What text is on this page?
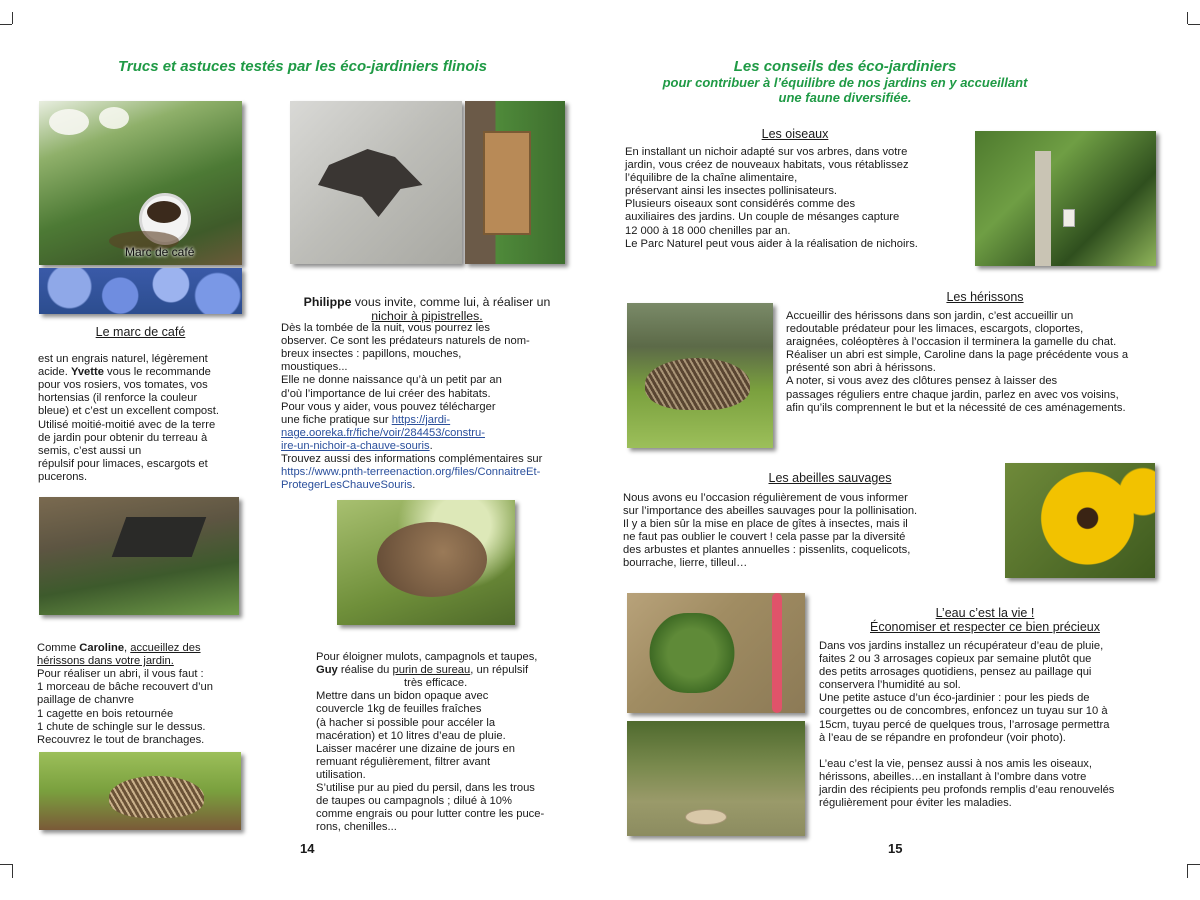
Trucs et astuces testés par les éco-jardiniers flinois
Marc de café
Le marc de café

est un engrais naturel, légèrement
acide. Yvette vous le recommande
pour vos rosiers, vos tomates, vos
hortensias (il renforce la couleur
bleue) et c’est un excellent compost.
Utilisé moitié-moitié avec de la terre
de jardin pour obtenir du terreau à
semis, c’est aussi un
répulsif pour limaces, escargots et
pucerons.

Philippe vous invite, comme lui, à réaliser un
nichoir à pipistrelles.

Dès la tombée de la nuit, vous pourrez les
observer. Ce sont les prédateurs naturels de nom-
breux insectes : papillons, mouches,
moustiques...
Elle ne donne naissance qu’à un petit par an
d’où l’importance de lui créer des habitats.
Pour vous y aider, vous pouvez télécharger
une fiche pratique sur https://jardi-
nage.ooreka.fr/fiche/voir/284453/constru-
ire-un-nichoir-a-chauve-souris.
Trouvez aussi des informations complémentaires sur
https://www.pnth-terreenaction.org/files/ConnaitreEt-
ProtegerLesChauveSouris.

Comme Caroline, accueillez des
hérissons dans votre jardin.
Pour réaliser un abri, il vous faut :
1 morceau de bâche recouvert d’un
paillage de chanvre
1 cagette en bois retournée
1 chute de schingle sur le dessus.
Recouvrez le tout de branchages.

Pour éloigner mulots, campagnols et taupes,
Guy réalise du purin de sureau, un répulsif
très efficace.
Mettre dans un bidon opaque avec
couvercle 1kg de feuilles fraîches
(à hacher si possible pour accéler la
macération) et 10 litres d’eau de pluie.
Laisser macérer une dizaine de jours en
remuant régulièrement, filtrer avant
utilisation.
S’utilise pur au pied du persil, dans les trous
de taupes ou campagnols ; dilué à 10%
comme engrais ou pour lutter contre les puce-
rons, chenilles...

14
Les conseils des éco-jardiniers
pour contribuer à l’équilibre de nos jardins en y accueillant
une faune diversifiée.
Les oiseaux
En installant un nichoir adapté sur vos arbres, dans votre
jardin, vous créez de nouveaux habitats, vous rétablissez
l’équilibre de la chaîne alimentaire,
préservant ainsi les insectes pollinisateurs.
Plusieurs oiseaux sont considérés comme des
auxiliaires des jardins. Un couple de mésanges capture
12 000 à 18 000 chenilles par an.
Le Parc Naturel peut vous aider à la réalisation de nichoirs.
Les hérissons
Accueillir des hérissons dans son jardin, c’est accueillir un
redoutable prédateur pour les limaces, escargots, cloportes,
araignées, coléoptères à l’occasion il terminera la gamelle du chat.
Réaliser un abri est simple, Caroline dans la page précédente vous a
présenté son abri à hérissons.
A noter, si vous avez des clôtures pensez à laisser des
passages réguliers entre chaque jardin, parlez en avec vos voisins,
afin qu’ils comprennent le but et la nécessité de ces aménagements.
Les abeilles sauvages
Nous avons eu l’occasion régulièrement de vous informer
sur l’importance des abeilles sauvages pour la pollinisation.
Il y a bien sûr la mise en place de gîtes à insectes, mais il
ne faut pas oublier le couvert ! cela passe par la diversité
des arbustes et plantes annuelles : pissenlits, coquelicots,
bourrache, lierre, tilleul…
L’eau c’est la vie !
Économiser et respecter ce bien précieux
Dans vos jardins installez un récupérateur d’eau de pluie,
faites 2 ou 3 arrosages copieux par semaine plutôt que
des petits arrosages quotidiens, pensez au paillage qui
conservera l’humidité au sol.
Une petite astuce d’un éco-jardinier : pour les pieds de
courgettes ou de concombres, enfoncez un tuyau sur 10 à
15cm, tuyau percé de quelques trous, l’arrosage permettra
à l’eau de se répandre en profondeur (voir photo).

L’eau c’est la vie, pensez aussi à nos amis les oiseaux,
hérissons, abeilles…en installant à l’ombre dans votre
jardin des récipients peu profonds remplis d’eau renouvelés
régulièrement pour éviter les maladies.
15
